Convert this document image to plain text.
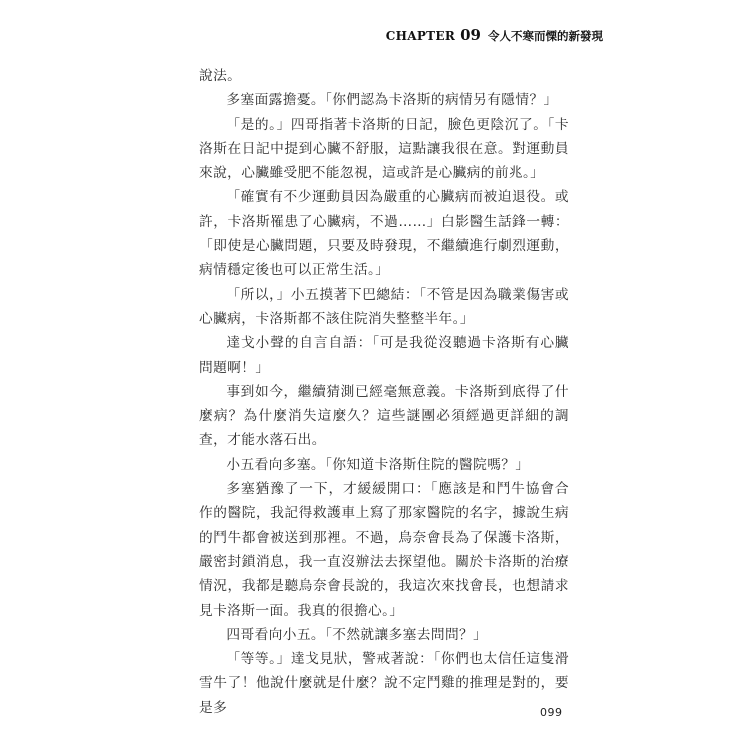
CHAPTER 09 令人不寒而慄的新發現

說法。

多塞面露擔憂。「你們認為卡洛斯的病情另有隱情？」

「是的。」四哥指著卡洛斯的日記，臉色更陰沉了。「卡洛斯在日記中提到心臟不舒服，這點讓我很在意。對運動員來說，心臟雖受肥不能忽視，這或許是心臟病的前兆。」

「確實有不少運動員因為嚴重的心臟病而被迫退役。或許，卡洛斯罹患了心臟病，不過……」白影醫生話鋒一轉：「即使是心臟問題，只要及時發現，不繼續進行劇烈運動，病情穩定後也可以正常生活。」

「所以，」小五摸著下巴總結：「不管是因為職業傷害或心臟病，卡洛斯都不該住院消失整整半年。」

達戈小聲的自言自語：「可是我從沒聽過卡洛斯有心臟問題啊！」

事到如今，繼續猜測已經毫無意義。卡洛斯到底得了什麼病？為什麼消失這麼久？這些謎團必須經過更詳細的調查，才能水落石出。

小五看向多塞。「你知道卡洛斯住院的醫院嗎？」

多塞猶豫了一下，才緩緩開口：「應該是和鬥牛協會合作的醫院，我記得救護車上寫了那家醫院的名字，據說生病的鬥牛都會被送到那裡。不過，烏奈會長為了保護卡洛斯，嚴密封鎖消息，我一直沒辦法去探望他。關於卡洛斯的治療情況，我都是聽烏奈會長說的，我這次來找會長，也想請求見卡洛斯一面。我真的很擔心。」

四哥看向小五。「不然就讓多塞去問問？」

「等等。」達戈見狀，警戒著說：「你們也太信任這隻滑雪牛了！他說什麼就是什麼？說不定鬥雞的推理是對的，要是多	099
